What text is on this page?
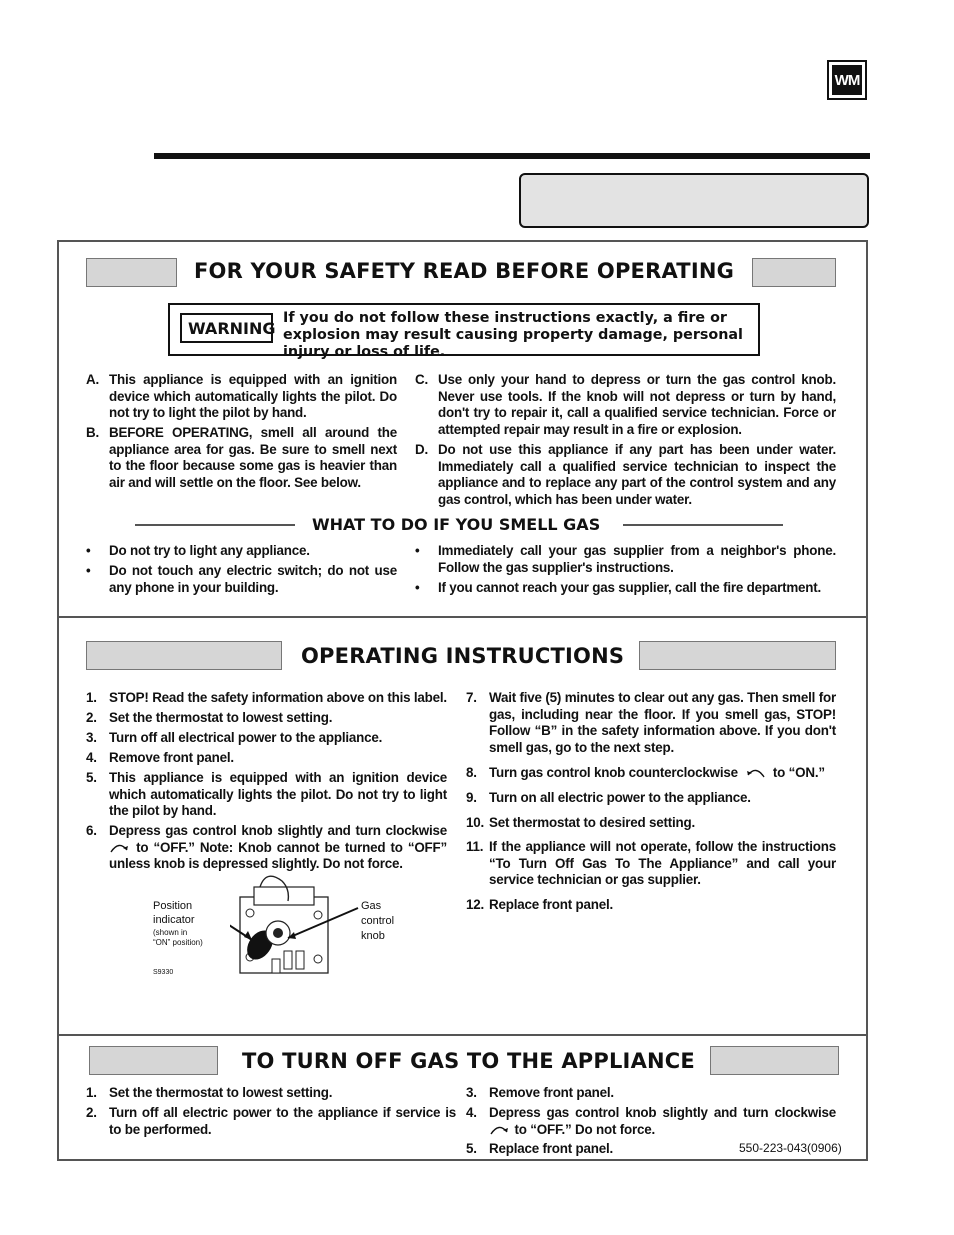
WM
FOR YOUR SAFETY READ BEFORE OPERATING
WARNING
If you do not follow these instructions exactly, a fire or explosion may result causing property damage, personal injury or loss of life.
A. This appliance is equipped with an ignition device which automatically lights the pilot. Do not try to light the pilot by hand.
B. BEFORE OPERATING, smell all around the appliance area for gas. Be sure to smell next to the floor because some gas is heavier than air and will settle on the floor. See below.
C. Use only your hand to depress or turn the gas control knob. Never use tools. If the knob will not depress or turn by hand, don't try to repair it, call a qualified service technician. Force or attempted repair may result in a fire or explosion.
D. Do not use this appliance if any part has been under water. Immediately call a qualified service technician to inspect the appliance and to replace any part of the control system and any gas control, which has been under water.
WHAT TO DO IF YOU SMELL GAS
• Do not try to light any appliance.
• Do not touch any electric switch; do not use any phone in your building.
• Immediately call your gas supplier from a neighbor's phone. Follow the gas supplier's instructions.
• If you cannot reach your gas supplier, call the fire department.
OPERATING INSTRUCTIONS
1. STOP! Read the safety information above on this label.
2. Set the thermostat to lowest setting.
3. Turn off all electrical power to the appliance.
4. Remove front panel.
5. This appliance is equipped with an ignition device which automatically lights the pilot. Do not try to light the pilot by hand.
6. Depress gas control knob slightly and turn clockwise  to “OFF.” Note: Knob cannot be turned to “OFF” unless knob is depressed slightly. Do not force.
Position
indicator
(shown in
“ON” position)
S9330
Gas
control
knob
7. Wait five (5) minutes to clear out any gas. Then smell for gas, including near the floor. If you smell gas, STOP! Follow “B” in the safety information above. If you don't smell gas, go to the next step.
8. Turn gas control knob counterclockwise	to “ON.”
9. Turn on all electric power to the appliance.
10. Set thermostat to desired setting.
11. If the appliance will not operate, follow the instructions “To Turn Off Gas To The Appliance” and call your service technician or gas supplier.
12. Replace front panel.
TO TURN OFF GAS TO THE APPLIANCE
1. Set the thermostat to lowest setting.
2. Turn off all electric power to the appliance if service is to be performed.
3. Remove front panel.
4. Depress gas control knob slightly and turn clockwise  to “OFF.” Do not force.
5. Replace front panel.	550-223-043(0906)
